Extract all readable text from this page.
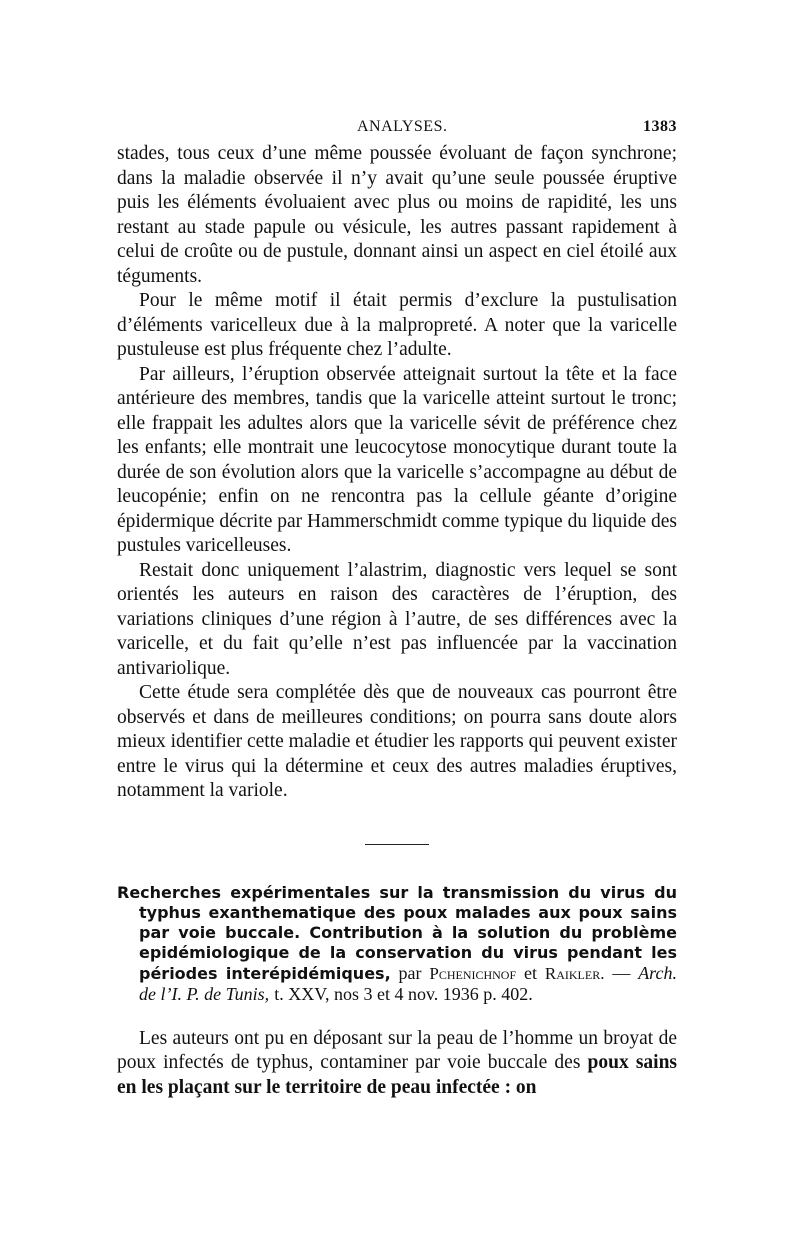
ANALYSES.	1383

stades, tous ceux d’une même poussée évoluant de façon synchrone; dans la maladie observée il n’y avait qu’une seule poussée éruptive puis les éléments évoluaient avec plus ou moins de rapidité, les uns restant au stade papule ou vésicule, les autres passant rapidement à celui de croûte ou de pustule, donnant ainsi un aspect en ciel étoilé aux téguments.

Pour le même motif il était permis d’exclure la pustulisation d’éléments varicelleux due à la malpropreté. A noter que la varicelle pustuleuse est plus fréquente chez l’adulte.

Par ailleurs, l’éruption observée atteignait surtout la tête et la face antérieure des membres, tandis que la varicelle atteint surtout le tronc; elle frappait les adultes alors que la varicelle sévit de préférence chez les enfants; elle montrait une leucocytose monocytique durant toute la durée de son évolution alors que la varicelle s’accompagne au début de leucopénie; enfin on ne rencontra pas la cellule géante d’origine épidermique décrite par Hammerschmidt comme typique du liquide des pustules varicelleuses.

Restait donc uniquement l’alastrim, diagnostic vers lequel se sont orientés les auteurs en raison des caractères de l’éruption, des variations cliniques d’une région à l’autre, de ses différences avec la varicelle, et du fait qu’elle n’est pas influencée par la vaccination antivariolique.

Cette étude sera complétée dès que de nouveaux cas pourront être observés et dans de meilleures conditions; on pourra sans doute alors mieux identifier cette maladie et étudier les rapports qui peuvent exister entre le virus qui la détermine et ceux des autres maladies éruptives, notamment la variole.

Recherches expérimentales sur la transmission du virus du typhus exanthematique des poux malades aux poux sains par voie buccale. Contribution à la solution du problème epidémiologique de la conservation du virus pendant les périodes interépidémiques, par Pchenichnof et Raikler. — Arch. de l’I. P. de Tunis, t. XXV, nos 3 et 4 nov. 1936 p. 402.

Les auteurs ont pu en déposant sur la peau de l’homme un broyat de poux infectés de typhus, contaminer par voie buccale des poux sains en les plaçant sur le territoire de peau infectée : on
